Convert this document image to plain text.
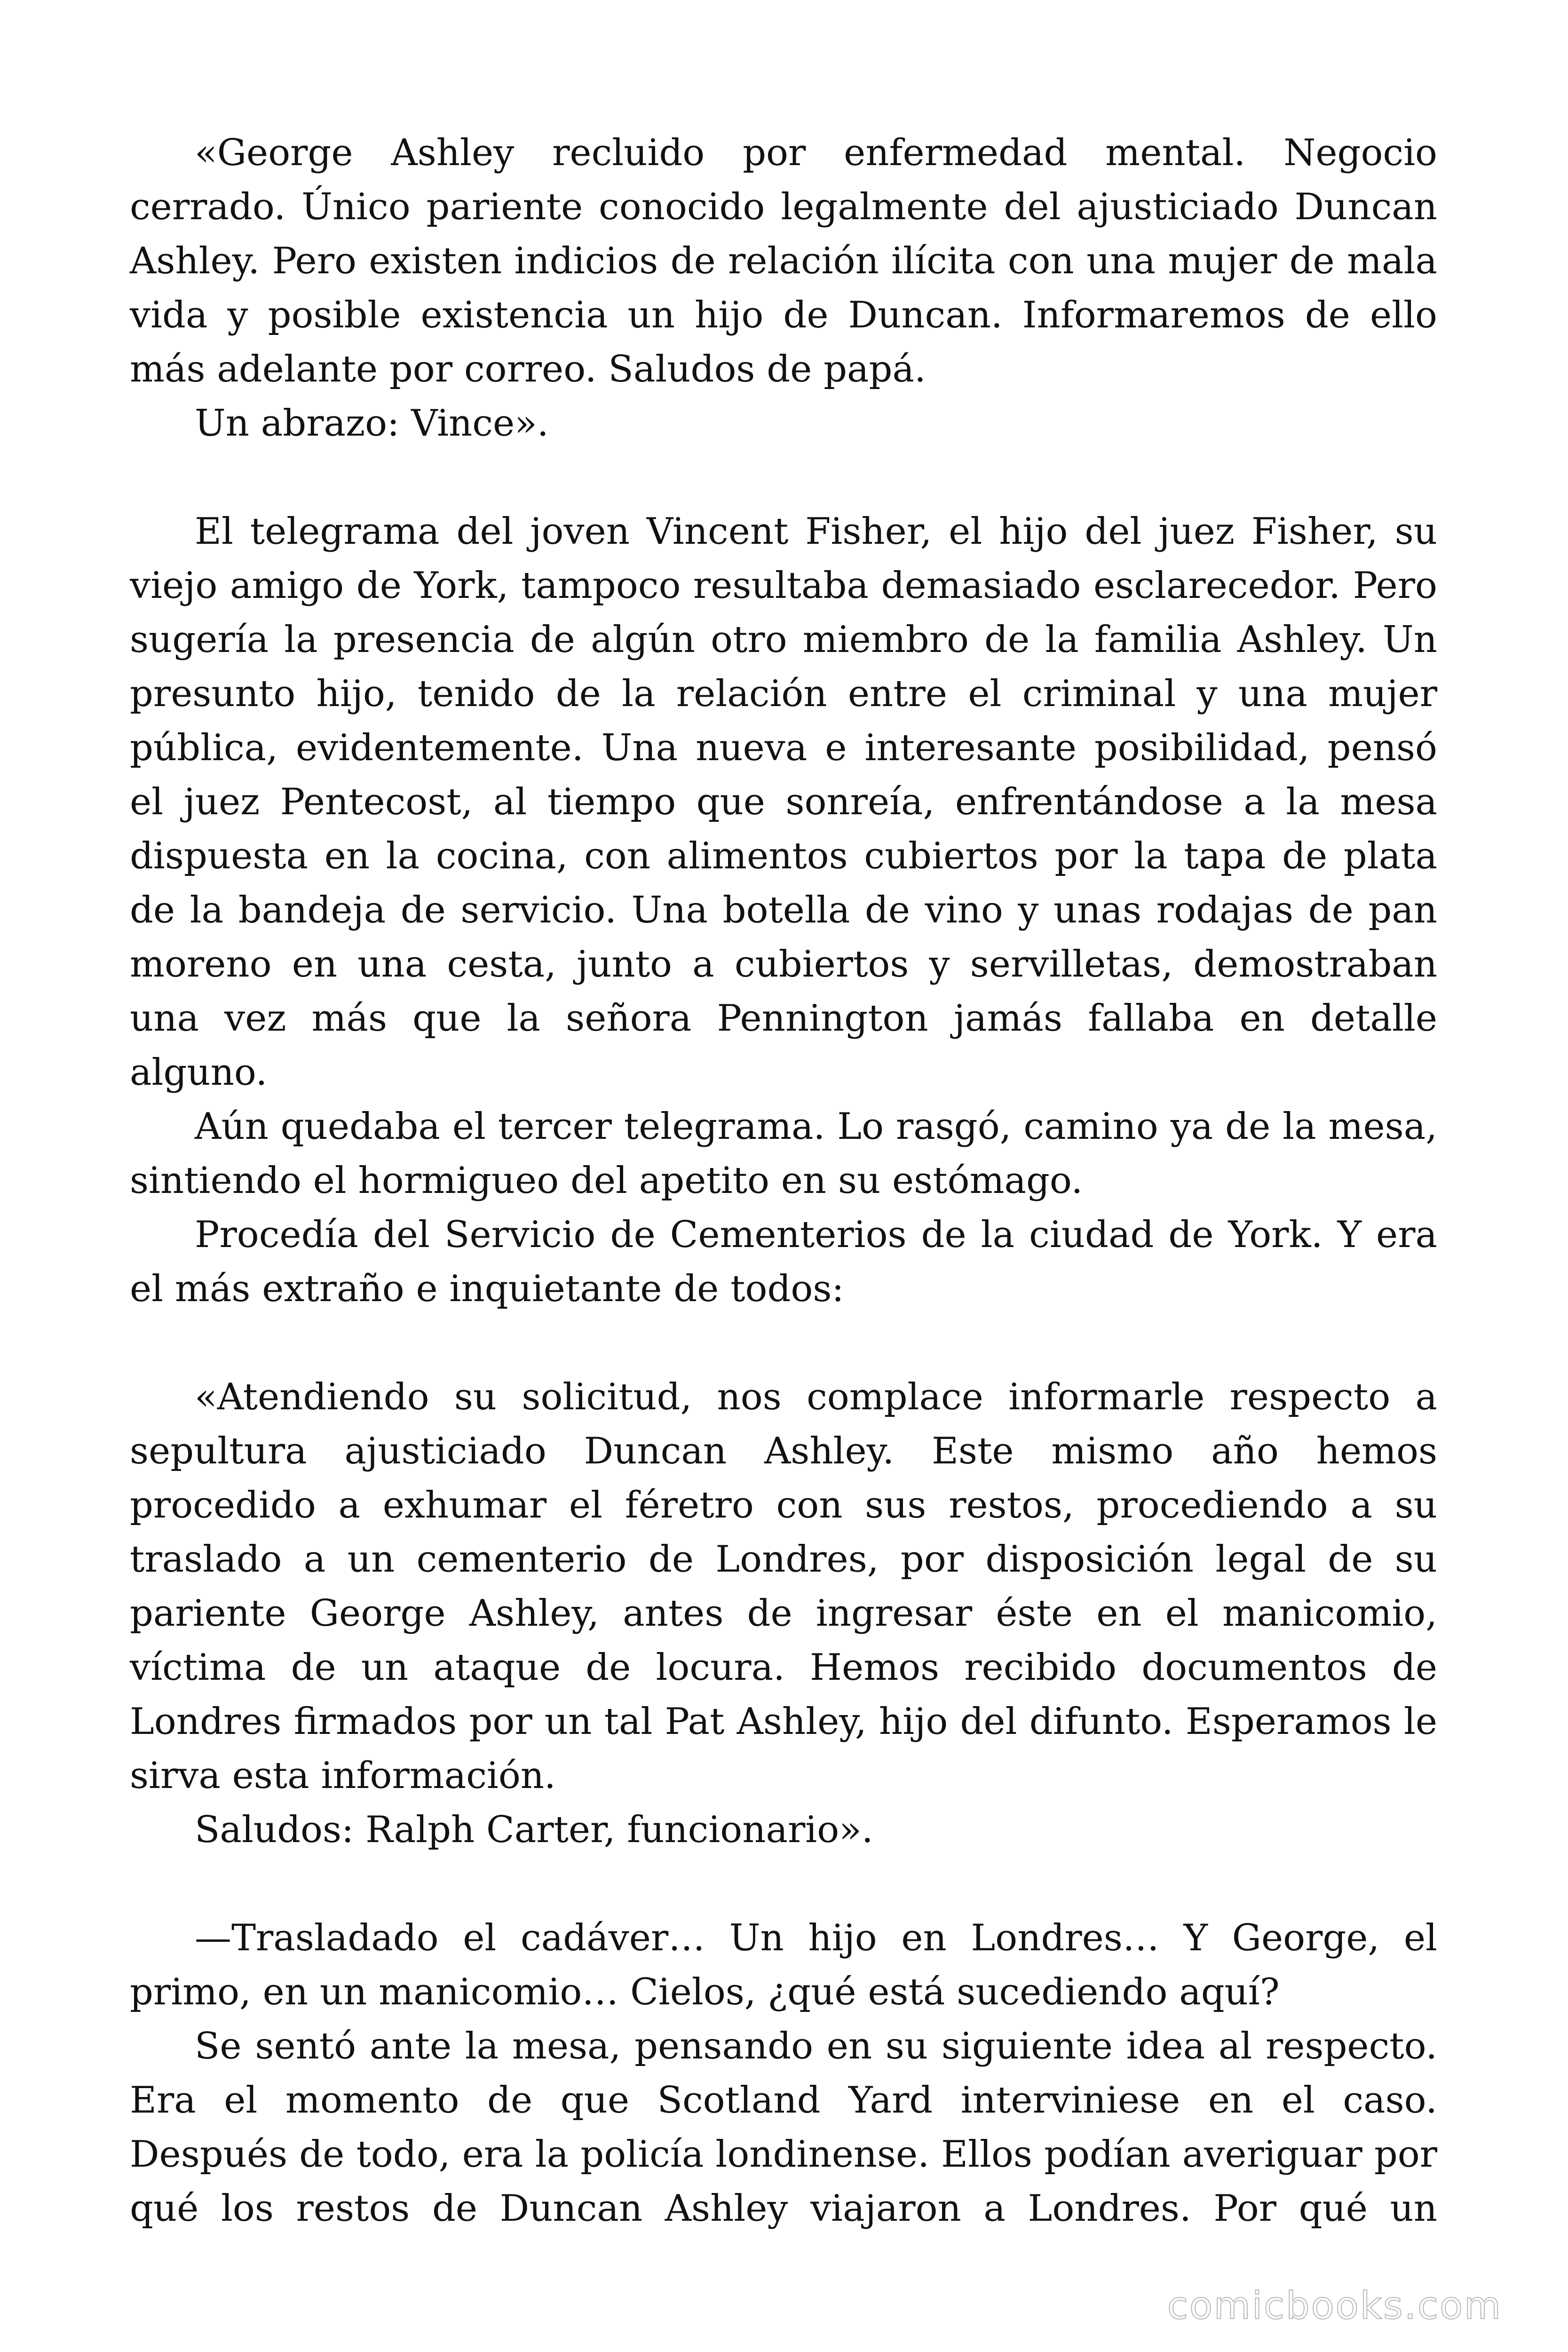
«George Ashley recluido por enfermedad mental. Negocio cerrado. Único pariente conocido legalmente del ajusticiado Duncan Ashley. Pero existen indicios de relación ilícita con una mujer de mala vida y posible existencia un hijo de Duncan. Informaremos de ello más adelante por correo. Saludos de papá.

Un abrazo: Vince».

El telegrama del joven Vincent Fisher, el hijo del juez Fisher, su viejo amigo de York, tampoco resultaba demasiado esclarecedor. Pero sugería la presencia de algún otro miembro de la familia Ashley. Un presunto hijo, tenido de la relación entre el criminal y una mujer pública, evidentemente. Una nueva e interesante posibilidad, pensó el juez Pentecost, al tiempo que sonreía, enfrentándose a la mesa dispuesta en la cocina, con alimentos cubiertos por la tapa de plata de la bandeja de servicio. Una botella de vino y unas rodajas de pan moreno en una cesta, junto a cubiertos y servilletas, demostraban una vez más que la señora Pennington jamás fallaba en detalle alguno.

Aún quedaba el tercer telegrama. Lo rasgó, camino ya de la mesa, sintiendo el hormigueo del apetito en su estómago.

Procedía del Servicio de Cementerios de la ciudad de York. Y era el más extraño e inquietante de todos:

«Atendiendo su solicitud, nos complace informarle respecto a sepultura ajusticiado Duncan Ashley. Este mismo año hemos procedido a exhumar el féretro con sus restos, procediendo a su traslado a un cementerio de Londres, por disposición legal de su pariente George Ashley, antes de ingresar éste en el manicomio, víctima de un ataque de locura. Hemos recibido documentos de Londres firmados por un tal Pat Ashley, hijo del difunto. Esperamos le sirva esta información.

Saludos: Ralph Carter, funcionario».

—Trasladado el cadáver… Un hijo en Londres… Y George, el primo, en un manicomio… Cielos, ¿qué está sucediendo aquí?

Se sentó ante la mesa, pensando en su siguiente idea al respecto. Era el momento de que Scotland Yard interviniese en el caso. Después de todo, era la policía londinense. Ellos podían averiguar por qué los restos de Duncan Ashley viajaron a Londres. Por qué un

comicbooks.com
